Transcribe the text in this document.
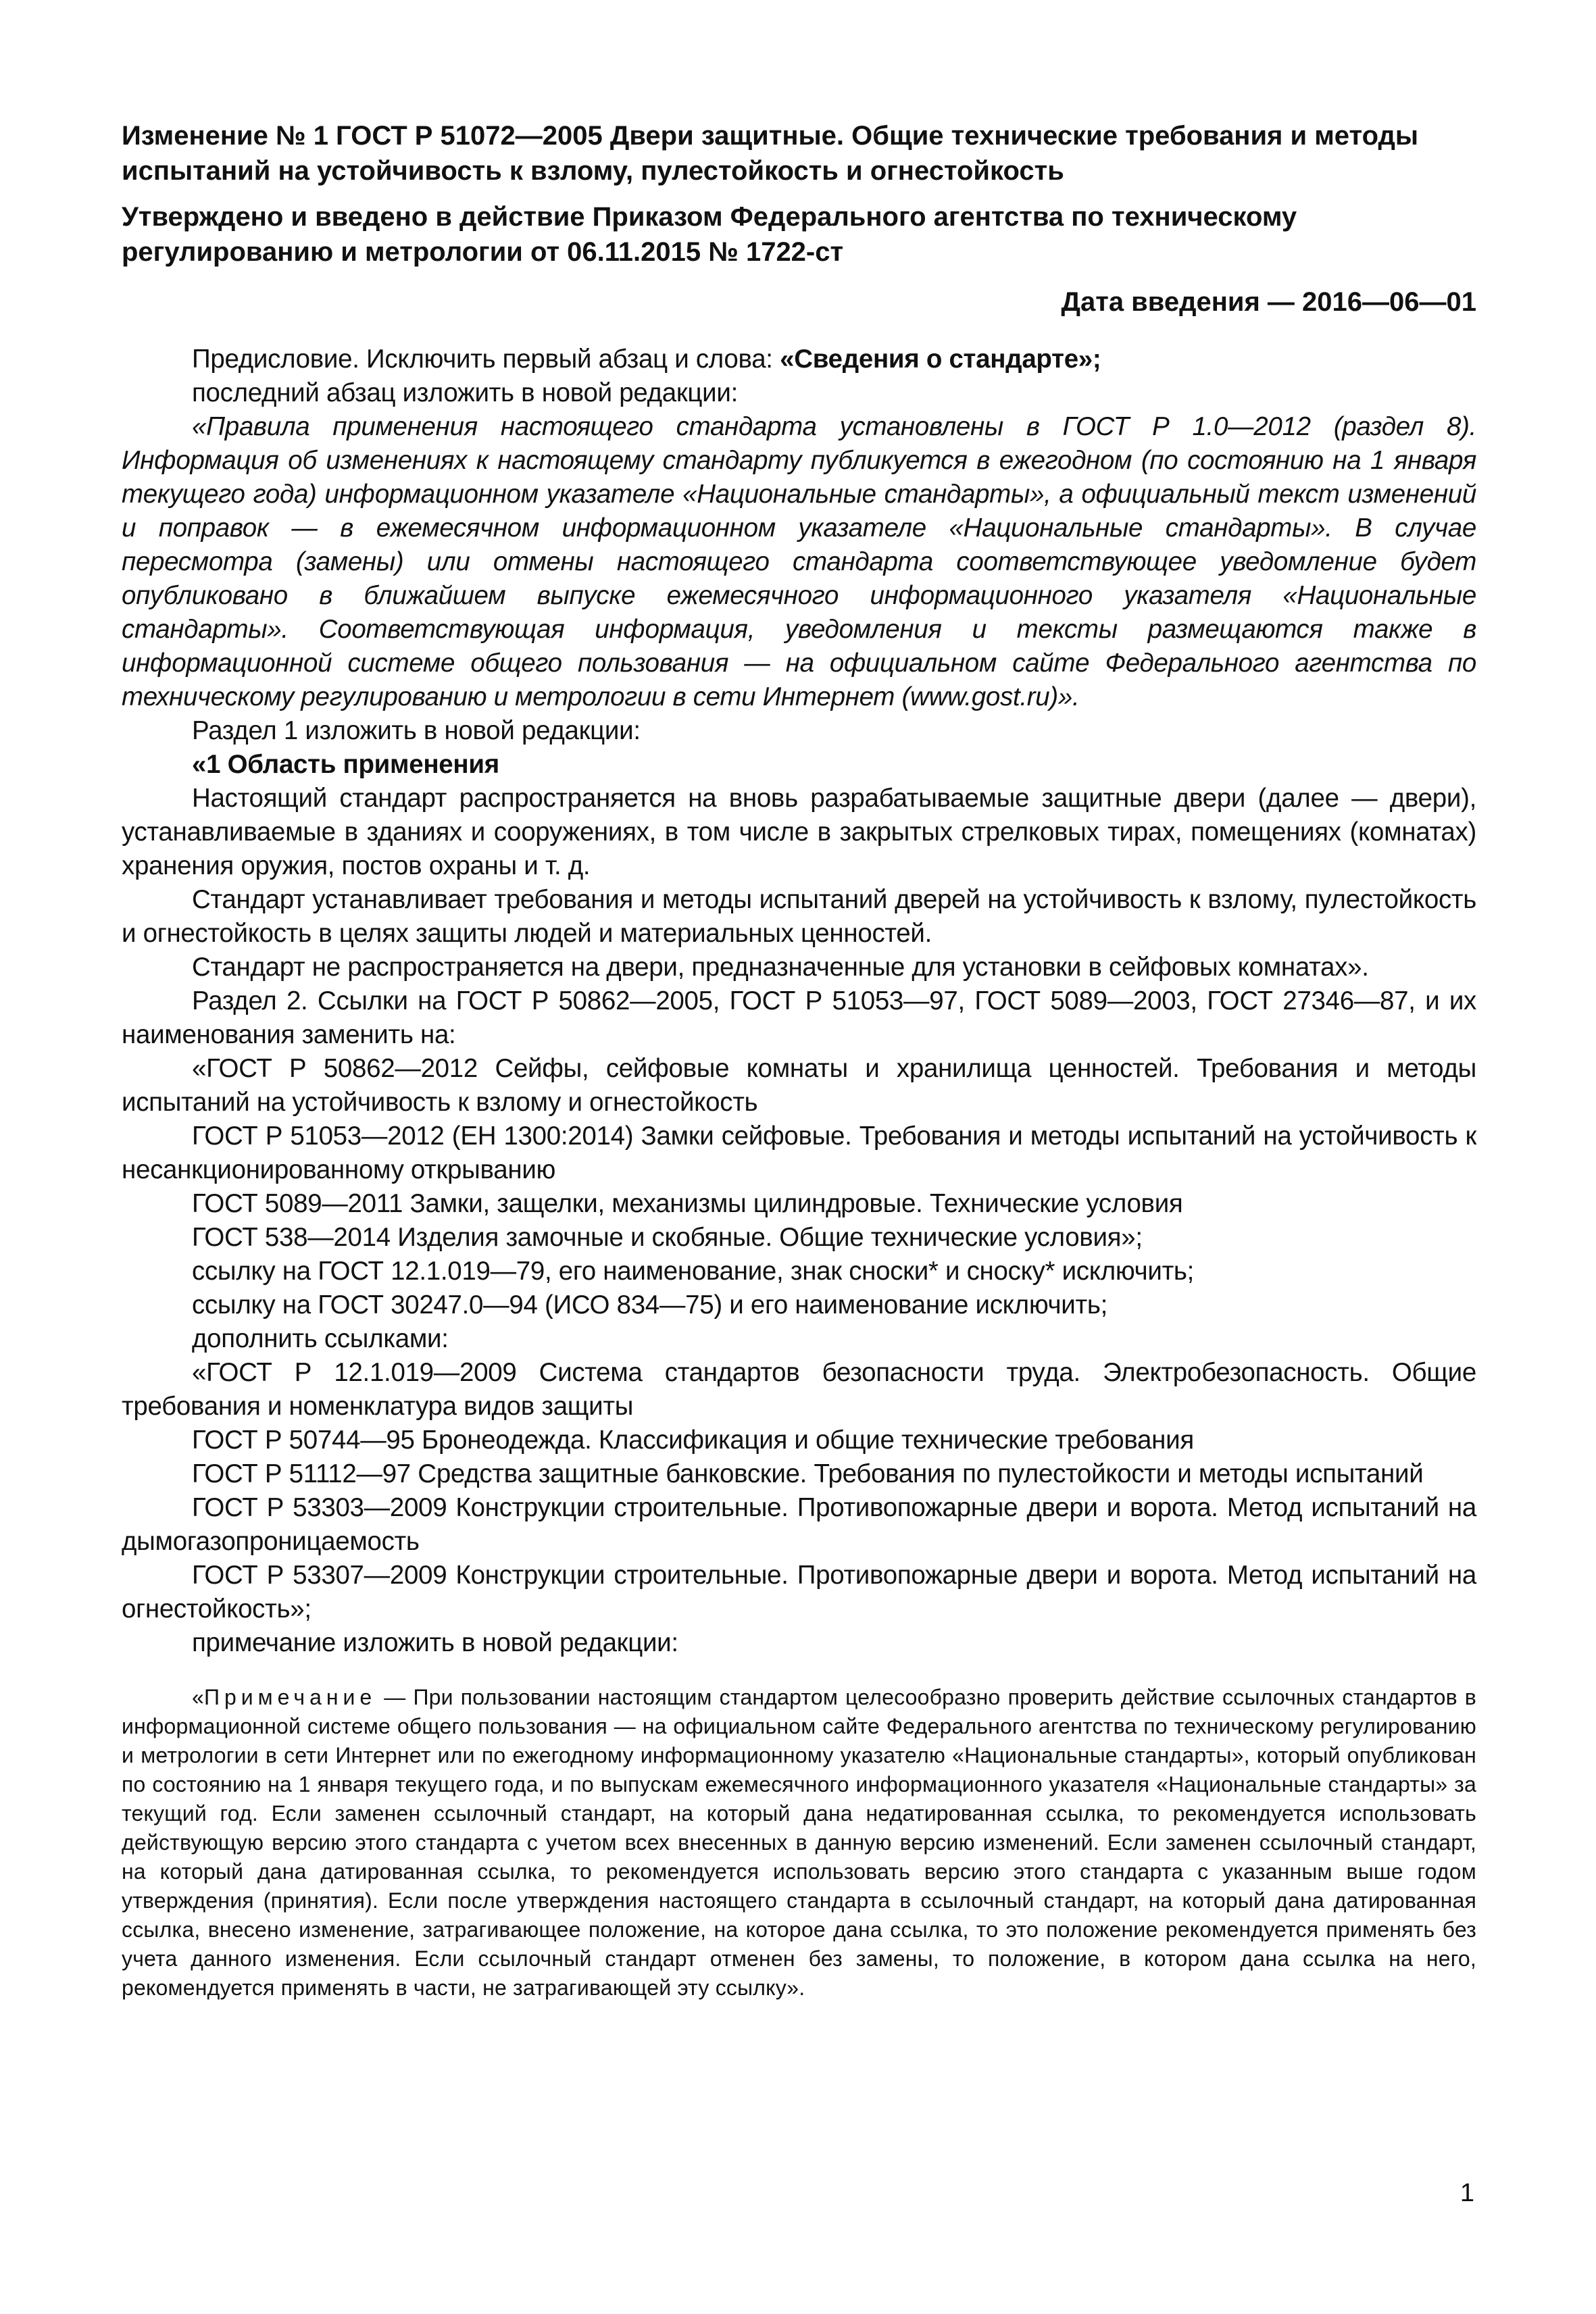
Изменение № 1 ГОСТ Р 51072—2005 Двери защитные. Общие технические требования и методы испытаний на устойчивость к взлому, пулестойкость и огнестойкость

Утверждено и введено в действие Приказом Федерального агентства по техническому регулированию и метрологии от 06.11.2015 № 1722-ст

Дата введения — 2016—06—01

Предисловие. Исключить первый абзац и слова: «Сведения о стандарте»;

последний абзац изложить в новой редакции:

«Правила применения настоящего стандарта установлены в ГОСТ Р 1.0—2012 (раздел 8). Информация об изменениях к настоящему стандарту публикуется в ежегодном (по состоянию на 1 января текущего года) информационном указателе «Национальные стандарты», а официальный текст изменений и поправок — в ежемесячном информационном указателе «Национальные стандарты». В случае пересмотра (замены) или отмены настоящего стандарта соответствующее уведомление будет опубликовано в ближайшем выпуске ежемесячного информационного указателя «Национальные стандарты». Соответствующая информация, уведомления и тексты размещаются также в информационной системе общего пользования — на официальном сайте Федерального агентства по техническому регулированию и метрологии в сети Интернет (www.gost.ru)».

Раздел 1 изложить в новой редакции:

«1 Область применения

Настоящий стандарт распространяется на вновь разрабатываемые защитные двери (далее — двери), устанавливаемые в зданиях и сооружениях, в том числе в закрытых стрелковых тирах, помещениях (комнатах) хранения оружия, постов охраны и т. д.

Стандарт устанавливает требования и методы испытаний дверей на устойчивость к взлому, пулестойкость и огнестойкость в целях защиты людей и материальных ценностей.

Стандарт не распространяется на двери, предназначенные для установки в сейфовых комнатах».

Раздел 2. Ссылки на ГОСТ Р 50862—2005, ГОСТ Р 51053—97, ГОСТ 5089—2003, ГОСТ 27346—87, и их наименования заменить на:

«ГОСТ Р 50862—2012 Сейфы, сейфовые комнаты и хранилища ценностей. Требования и методы испытаний на устойчивость к взлому и огнестойкость

ГОСТ Р 51053—2012 (ЕН 1300:2014) Замки сейфовые. Требования и методы испытаний на устойчивость к несанкционированному открыванию

ГОСТ 5089—2011 Замки, защелки, механизмы цилиндровые. Технические условия

ГОСТ 538—2014 Изделия замочные и скобяные. Общие технические условия»;

ссылку на ГОСТ 12.1.019—79, его наименование, знак сноски* и сноску* исключить;

ссылку на ГОСТ 30247.0—94 (ИСО 834—75) и его наименование исключить;

дополнить ссылками:

«ГОСТ Р 12.1.019—2009 Система стандартов безопасности труда. Электробезопасность. Общие требования и номенклатура видов защиты

ГОСТ Р 50744—95 Бронеодежда. Классификация и общие технические требования

ГОСТ Р 51112—97 Средства защитные банковские. Требования по пулестойкости и методы испытаний

ГОСТ Р 53303—2009 Конструкции строительные. Противопожарные двери и ворота. Метод испытаний на дымогазопроницаемость

ГОСТ Р 53307—2009 Конструкции строительные. Противопожарные двери и ворота. Метод испытаний на огнестойкость»;

примечание изложить в новой редакции:

«Примечание — При пользовании настоящим стандартом целесообразно проверить действие ссылочных стандартов в информационной системе общего пользования — на официальном сайте Федерального агентства по техническому регулированию и метрологии в сети Интернет или по ежегодному информационному указателю «Национальные стандарты», который опубликован по состоянию на 1 января текущего года, и по выпускам ежемесячного информационного указателя «Национальные стандарты» за текущий год. Если заменен ссылочный стандарт, на который дана недатированная ссылка, то рекомендуется использовать действующую версию этого стандарта с учетом всех внесенных в данную версию изменений. Если заменен ссылочный стандарт, на который дана датированная ссылка, то рекомендуется использовать версию этого стандарта с указанным выше годом утверждения (принятия). Если после утверждения настоящего стандарта в ссылочный стандарт, на который дана датированная ссылка, внесено изменение, затрагивающее положение, на которое дана ссылка, то это положение рекомендуется применять без учета данного изменения. Если ссылочный стандарт отменен без замены, то положение, в котором дана ссылка на него, рекомендуется применять в части, не затрагивающей эту ссылку».

1
